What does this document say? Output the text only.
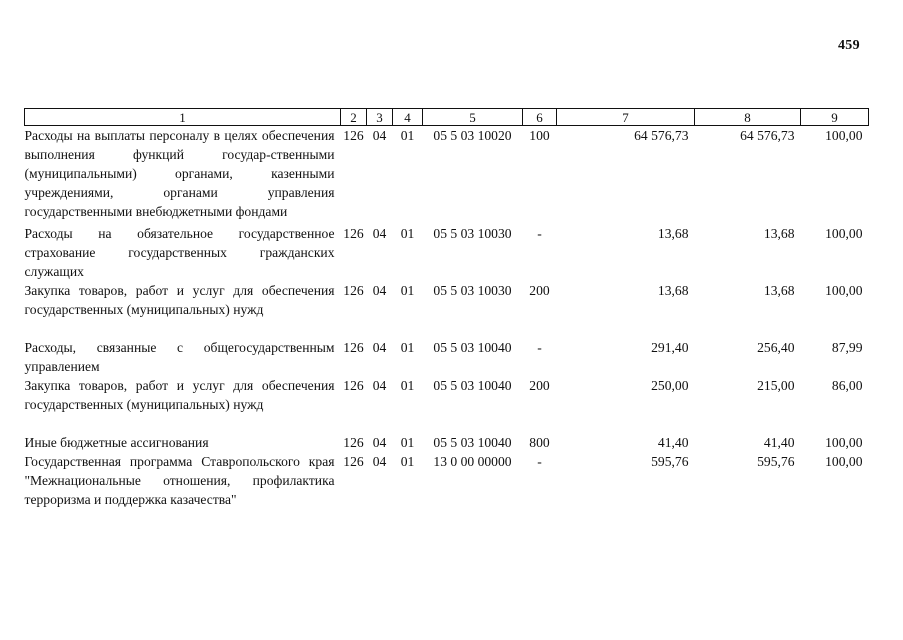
459
1	2	3	4	5	6	7	8	9
Расходы на выплаты персоналу в целях обеспечения выполнения функций государ-ственными (муниципальными) органами, казенными учреждениями, органами управления государственными внебюджетными фондами	126	04	01	05 5 03 10020	100	64 576,73	64 576,73	100,00
Расходы на обязательное государственное страхование государственных гражданских служащих	126	04	01	05 5 03 10030	-	13,68	13,68	100,00
Закупка товаров, работ и услуг для обеспечения государственных (муниципальных) нужд	126	04	01	05 5 03 10030	200	13,68	13,68	100,00
Расходы, связанные с общегосударственным управлением	126	04	01	05 5 03 10040	-	291,40	256,40	87,99
Закупка товаров, работ и услуг для обеспечения государственных (муниципальных) нужд	126	04	01	05 5 03 10040	200	250,00	215,00	86,00
Иные бюджетные ассигнования	126	04	01	05 5 03 10040	800	41,40	41,40	100,00
Государственная программа Ставропольского края "Межнациональные отношения, профилактика терроризма и поддержка казачества"	126	04	01	13 0 00 00000	-	595,76	595,76	100,00
